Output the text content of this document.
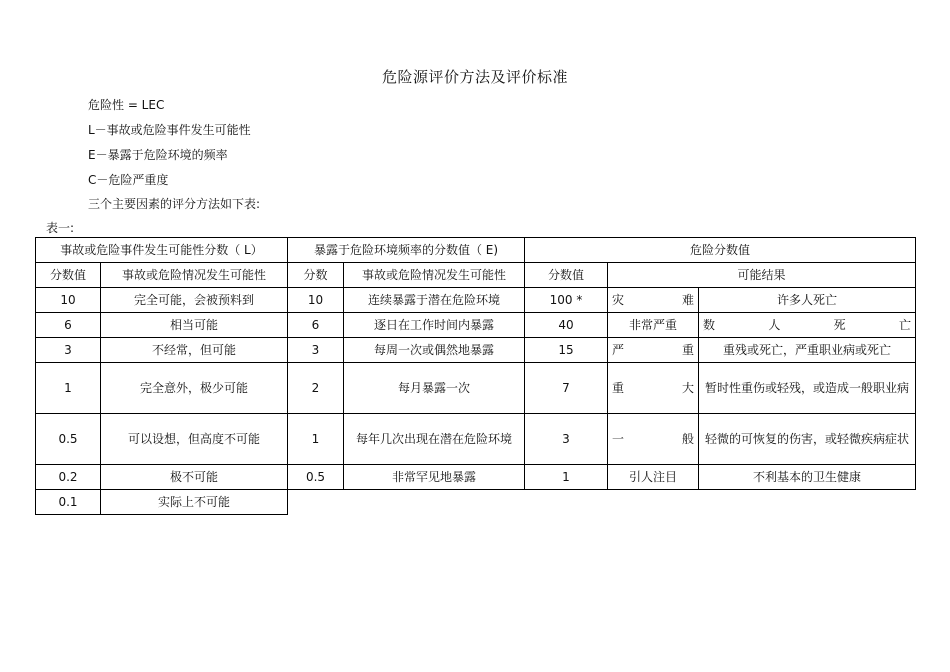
危险源评价方法及评价标准
危险性 = LEC
L－事故或危险事件发生可能性
E－暴露于危险环境的频率
C－危险严重度
三个主要因素的评分方法如下表:
表一:
事故或危险事件发生可能性分数（ L）		暴露于危险环境频率的分数值（ E)		危险分数值		
分数值	事故或危险情况发生可能性	分数	事故或危险情况发生可能性	分数值	可能结果	
10	完全可能，会被预料到	10	连续暴露于潜在危险环境	100 *	灾难	许多人死亡
6	相当可能	6	逐日在工作时间内暴露	40	非常严重	数人死亡
3	不经常，但可能	3	每周一次或偶然地暴露	15	严重	重残或死亡，严重职业病或死亡
1	完全意外，极少可能	2	每月暴露一次	7	重大	暂时性重伤或轻残，或造成一般职业病
0.5	可以设想，但高度不可能	1	每年几次出现在潜在危险环境	3	一般	轻微的可恢复的伤害，或轻微疾病症状
0.2	极不可能	0.5	非常罕见地暴露	1	引人注目	不利基本的卫生健康
0.1	实际上不可能					
